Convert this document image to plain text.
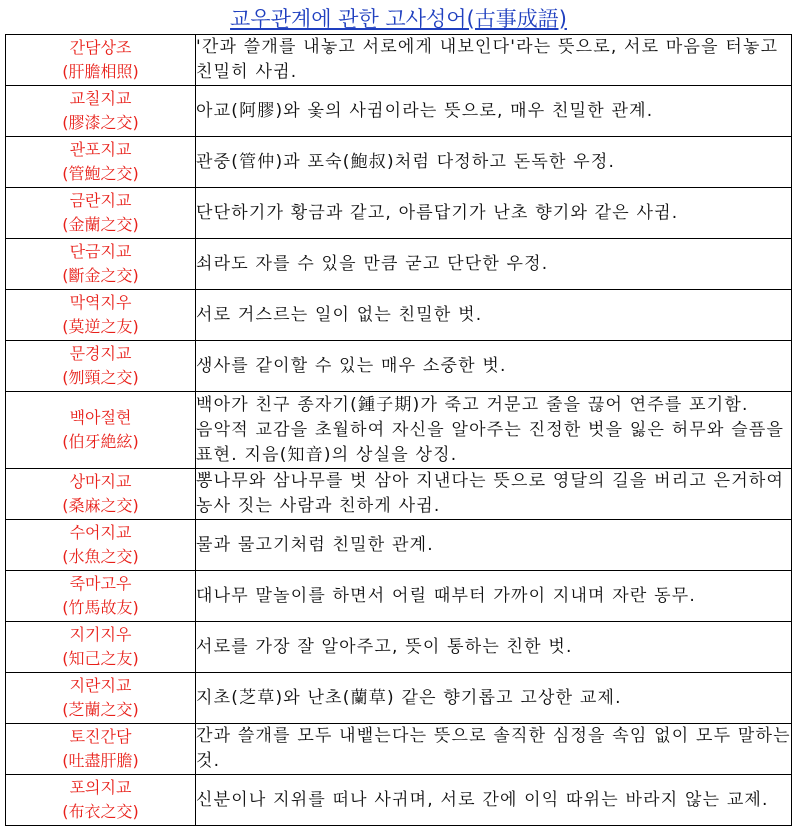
교우관계에 관한 고사성어(古事成語)
간담상조
(肝膽相照)	'간과 쓸개를 내놓고 서로에게 내보인다'라는 뜻으로, 서로 마음을 터놓고 친밀히 사귐.

교칠지교
(膠漆之交)	아교(阿膠)와 옻의 사귐이라는 뜻으로, 매우 친밀한 관계.

관포지교
(管鮑之交)	관중(管仲)과 포숙(鮑叔)처럼 다정하고 돈독한 우정.

금란지교
(金蘭之交)	단단하기가 황금과 같고, 아름답기가 난초 향기와 같은 사귐.

단금지교
(斷金之交)	쇠라도 자를 수 있을 만큼 굳고 단단한 우정.

막역지우
(莫逆之友)	서로 거스르는 일이 없는 친밀한 벗.

문경지교
(刎頸之交)	생사를 같이할 수 있는 매우 소중한 벗.

백아절현
(伯牙絶絃)	백아가 친구 종자기(鍾子期)가 죽고 거문고 줄을 끊어 연주를 포기함. 음악적 교감을 초월하여 자신을 알아주는 진정한 벗을 잃은 허무와 슬픔을 표현. 지음(知音)의 상실을 상징.

상마지교
(桑麻之交)	뽕나무와 삼나무를 벗 삼아 지낸다는 뜻으로 영달의 길을 버리고 은거하여 농사 짓는 사람과 친하게 사귐.

수어지교
(水魚之交)	물과 물고기처럼 친밀한 관계.

죽마고우
(竹馬故友)	대나무 말놀이를 하면서 어릴 때부터 가까이 지내며 자란 동무.

지기지우
(知己之友)	서로를 가장 잘 알아주고, 뜻이 통하는 친한 벗.

지란지교
(芝蘭之交)	지초(芝草)와 난초(蘭草) 같은 향기롭고 고상한 교제.

토진간담
(吐盡肝膽)	간과 쓸개를 모두 내뱉는다는 뜻으로 솔직한 심정을 속임 없이 모두 말하는 것.

포의지교
(布衣之交)	신분이나 지위를 떠나 사귀며, 서로 간에 이익 따위는 바라지 않는 교제.
